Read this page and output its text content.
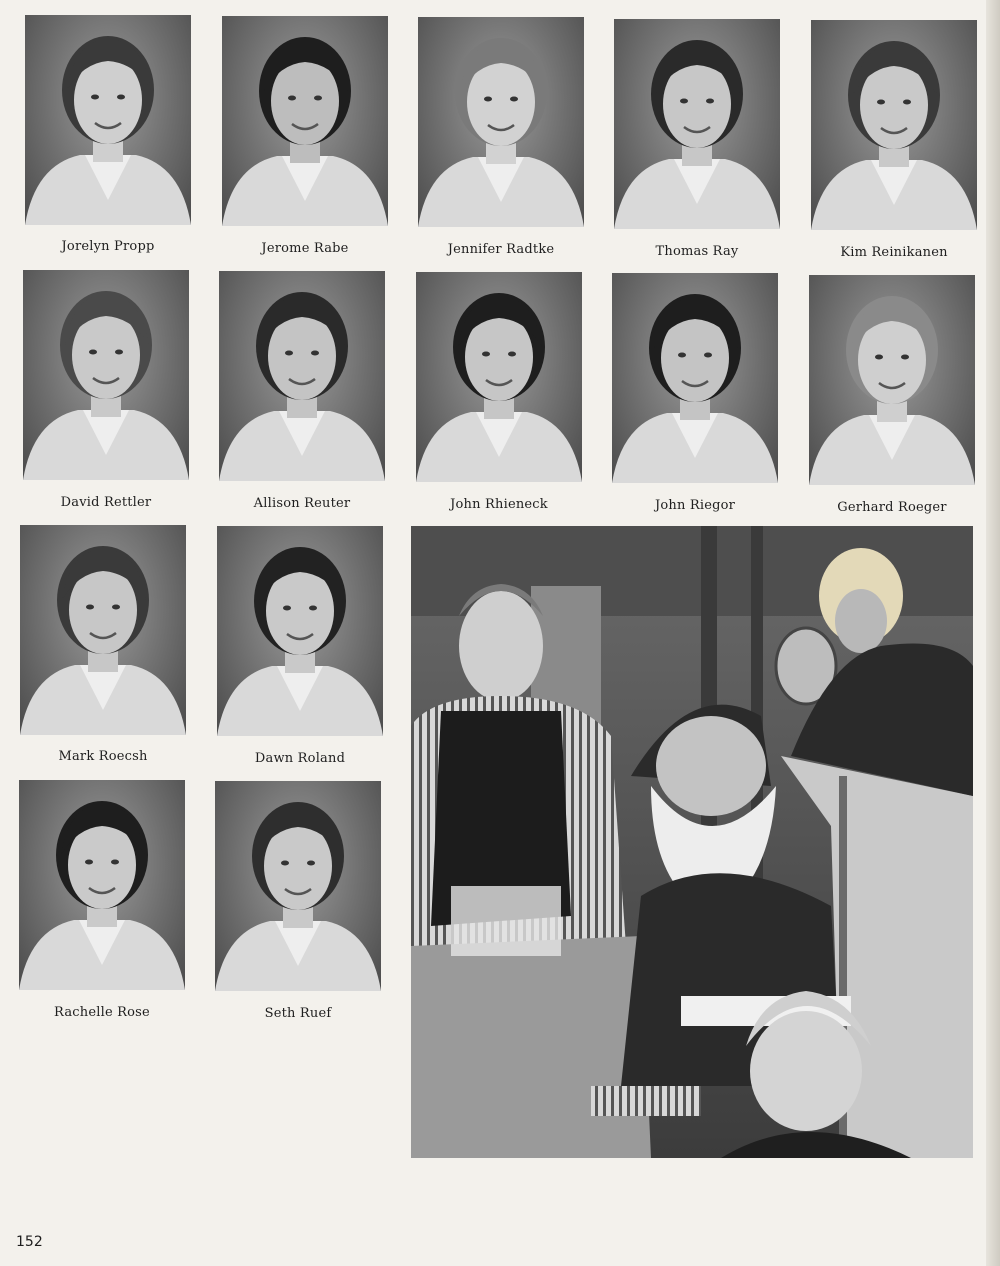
Jorelyn Propp	Jerome Rabe	Jennifer Radtke	Thomas Ray	Kim Reinikanen
David Rettler	Allison Reuter	John Rhieneck	John Riegor	Gerhard Roeger
Mark Roecsh	Dawn Roland
Rachelle Rose	Seth Ruef
152
